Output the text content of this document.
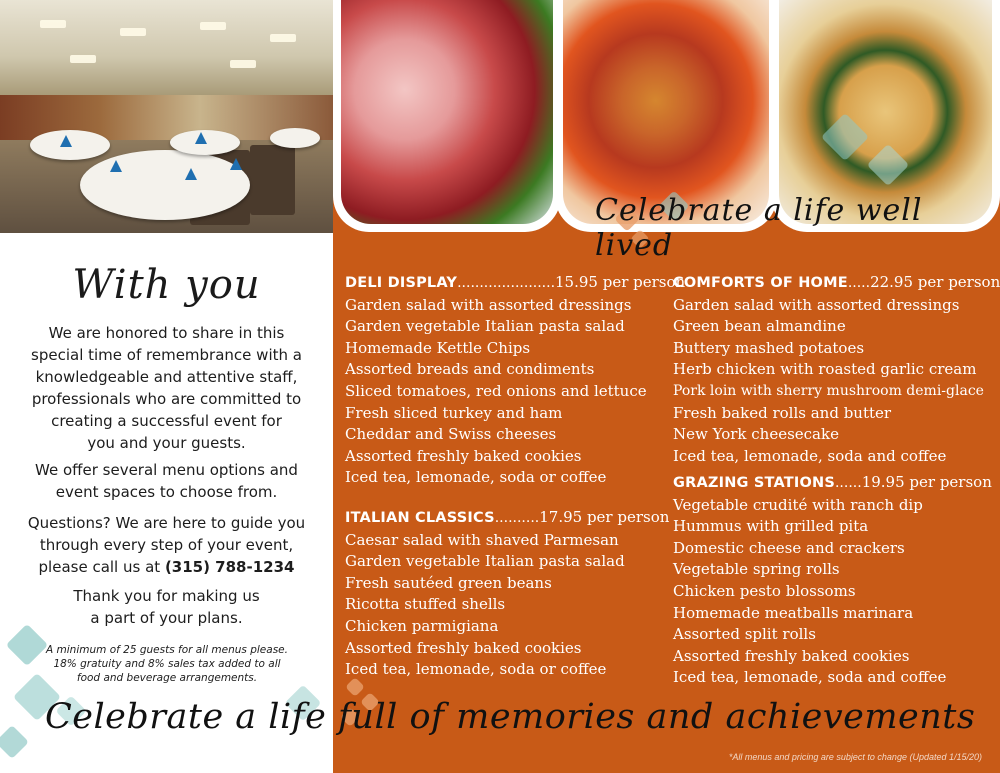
With you
We are honored to share in this
special time of remembrance with a
knowledgeable and attentive staff,
professionals who are committed to
creating a successful event for
you and your guests.
We offer several menu options and
event spaces to choose from.
Questions? We are here to guide you
through every step of your event,
please call us at (315) 788-1234
Thank you for making us
a part of your plans.
A minimum of 25 guests for all menus please.
18% gratuity and 8% sales tax added to all
food and beverage arrangements.
Celebrate a life well lived
DELI DISPLAY......................15.95 per person
Garden salad with assorted dressings
Garden vegetable Italian pasta salad
Homemade Kettle Chips
Assorted breads and condiments
Sliced tomatoes, red onions and lettuce
Fresh sliced turkey and ham
Cheddar and Swiss cheeses
Assorted freshly baked cookies
Iced tea, lemonade, soda or coffee
ITALIAN CLASSICS..........17.95 per person
Caesar salad with shaved Parmesan
Garden vegetable Italian pasta salad
Fresh sautéed green beans
Ricotta stuffed shells
Chicken parmigiana
Assorted freshly baked cookies
Iced tea, lemonade, soda or coffee
COMFORTS OF HOME.....22.95 per person
Garden salad with assorted dressings
Green bean almandine
Buttery mashed potatoes
Herb chicken with roasted garlic cream
Pork loin with sherry mushroom demi-glace
Fresh baked rolls and butter
New York cheesecake
Iced tea, lemonade, soda and coffee
GRAZING STATIONS......19.95 per person
Vegetable crudité with ranch dip
Hummus with grilled pita
Domestic cheese and crackers
Vegetable spring rolls
Chicken pesto blossoms
Homemade meatballs marinara
Assorted split rolls
Assorted freshly baked cookies
Iced tea, lemonade, soda and coffee
Celebrate a life full of memories and achievements
*All menus and pricing are subject to change (Updated 1/15/20)
